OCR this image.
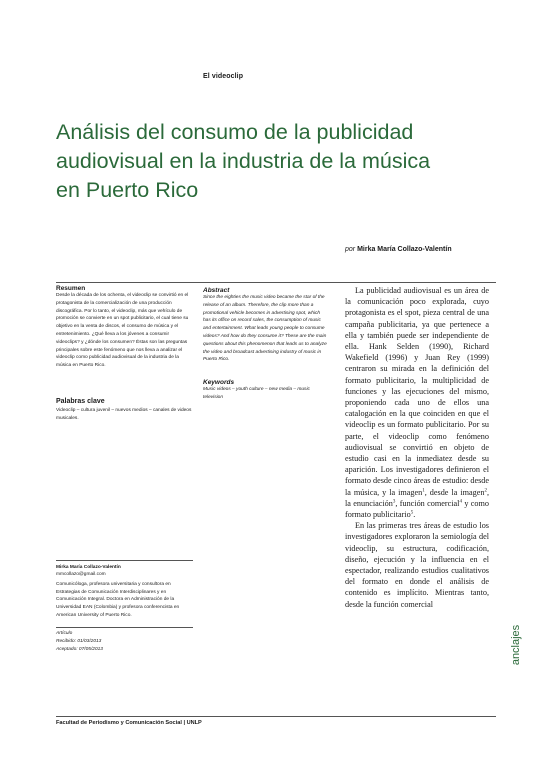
El videoclip
Análisis del consumo de la publicidad audiovisual en la industria de la música en Puerto Rico
por Mirka María Collazo-Valentín
Resumen
Desde la década de los ochenta, el videoclip se convirtió en el protagonista de la comercialización de una producción discográfica. Por lo tanto, el videoclip, más que vehículo de promoción se convierte en un spot publicitario, el cual tiene su objetivo en la venta de discos, el consumo de música y el entretenimiento. ¿Qué lleva a los jóvenes a consumir videoclips? y ¿dónde los consumen? Éstas son las preguntas principales sobre este fenómeno que nos lleva a analizar el videoclip como publicidad audiovisual de la industria de la música en Puerto Rico.
Palabras clave
Videoclip – cultura juvenil – nuevos medios – canales de videos musicales.
Abstract
Since the eighties the music video became the star of the release of an album. Therefore, the clip more than a promotional vehicle becomes in advertising spot, which has its office on record sales, the consumption of music and entertainment. What leads young people to consume videos? And how do they consume it? These are the main questions about this phenomenon that leads us to analyze the video and broadcast advertising industry of music in Puerto Rico.
Keywords
Music videos – youth culture – new media – music television
Mirka María Collazo-Valentín
mmcollazo@gmail.com

Comunicóloga, profesora universitaria y consultora en Estrategias de Comunicación Interdisciplinares y en Comunicación Integral. Doctora en Administración de la Universidad EAN (Colombia) y profesora conferencista en American University of Puerto Rico.

Artículo
Recibido: 01/03/2013
Aceptado: 07/05/2013

La publicidad audiovisual es un área de la comunicación poco explorada, cuyo protagonista es el spot, pieza central de una campaña publicitaria, ya que pertenece a ella y también puede ser independiente de ella. Hank Selden (1990), Richard Wakefield (1996) y Juan Rey (1999) centraron su mirada en la definición del formato publicitario, la multiplicidad de funciones y las ejecuciones del mismo, proponiendo cada uno de ellos una catalogación en la que coinciden en que el videoclip es un formato publicitario. Por su parte, el videoclip como fenómeno audiovisual se convirtió en objeto de estudio casi en la inmediatez desde su aparición. Los investigadores definieron el formato desde cinco áreas de estudio: desde la música, y la imagen$^1$, desde la imagen$^2$, la enunciación$^3$, función comercial$^4$ y como formato publicitario$^5$.

En las primeras tres áreas de estudio los investigadores exploraron la semiología del videoclip, su estructura, codificación, diseño, ejecución y la influencia en el espectador, realizando estudios cualitativos del formato en donde el análisis de contenido es implícito. Mientras tanto, desde la función comercial

anclajes
Facultad de Periodismo y Comunicación Social | UNLP
